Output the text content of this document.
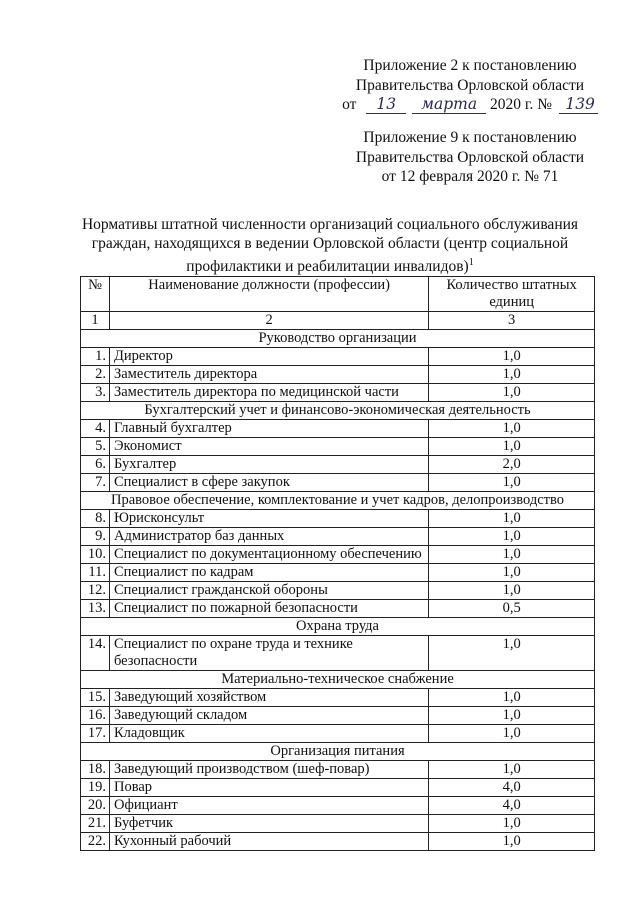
Приложение 2 к постановлению
Правительства Орловской области
от 13 марта 2020 г. № 139
Приложение 9 к постановлению
Правительства Орловской области
от 12 февраля 2020 г. № 71
Нормативы штатной численности организаций социального обслуживания граждан, находящихся в ведении Орловской области (центр социальной профилактики и реабилитации инвалидов)$^1$
№	Наименование должности (профессии)	Количество штатных единиц
1	2	3
Руководство организации		
1.	Директор	1,0
2.	Заместитель директора	1,0
3.	Заместитель директора по медицинской части	1,0
Бухгалтерский учет и финансово-экономическая деятельность		
4.	Главный бухгалтер	1,0
5.	Экономист	1,0
6.	Бухгалтер	2,0
7.	Специалист в сфере закупок	1,0
Правовое обеспечение, комплектование и учет кадров, делопроизводство		
8.	Юрисконсульт	1,0
9.	Администратор баз данных	1,0
10.	Специалист по документационному обеспечению	1,0
11.	Специалист по кадрам	1,0
12.	Специалист гражданской обороны	1,0
13.	Специалист по пожарной безопасности	0,5
Охрана труда		
14.	Специалист по охране труда и технике безопасности	1,0
Материально-техническое снабжение		
15.	Заведующий хозяйством	1,0
16.	Заведующий складом	1,0
17.	Кладовщик	1,0
Организация питания		
18.	Заведующий производством (шеф-повар)	1,0
19.	Повар	4,0
20.	Официант	4,0
21.	Буфетчик	1,0
22.	Кухонный рабочий	1,0
